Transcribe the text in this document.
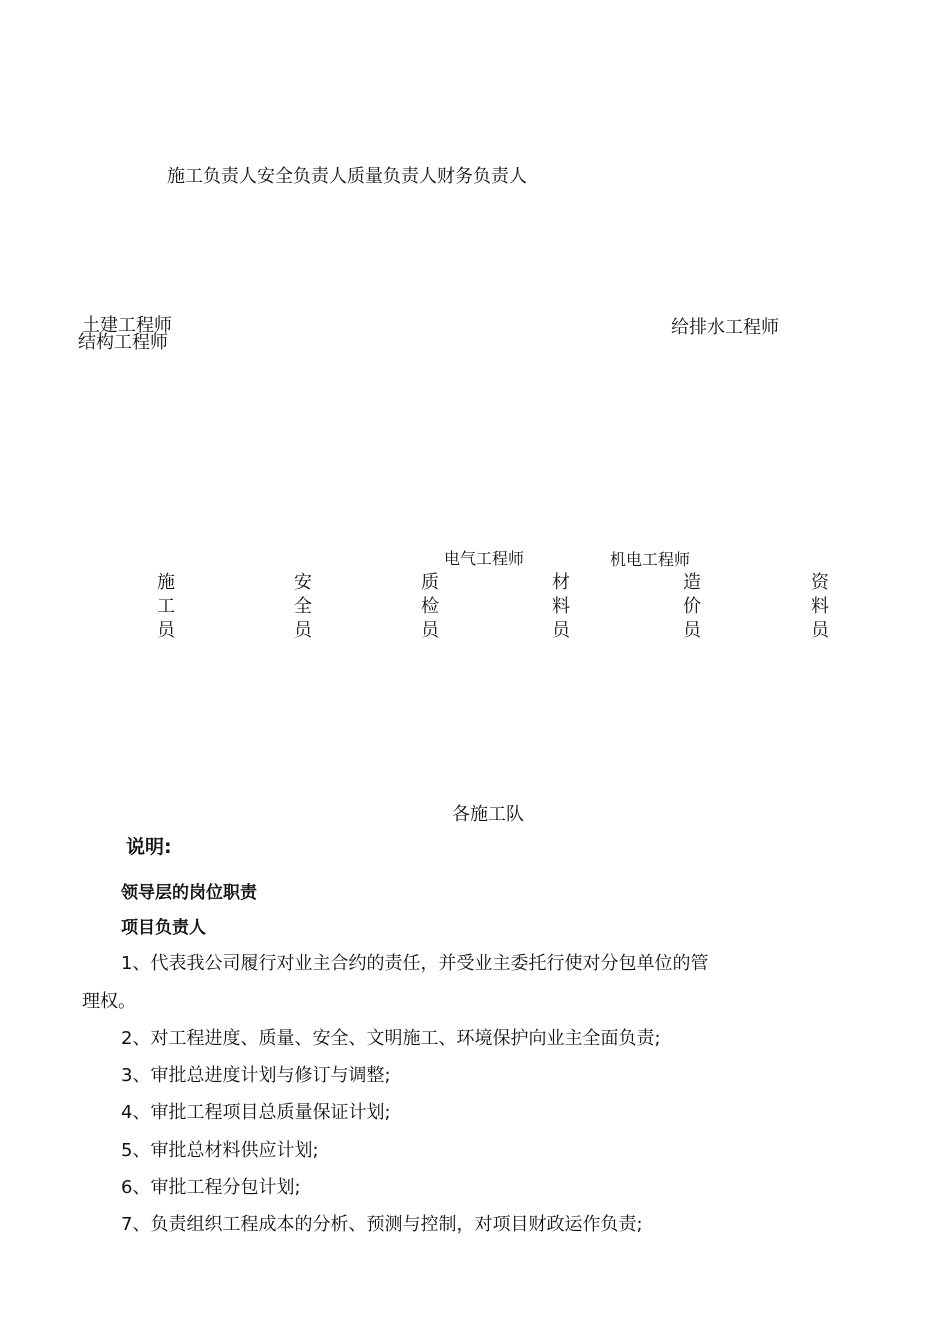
施工负责人安全负责人质量负责人财务负责人
土建工程师
结构工程师
给排水工程师
电气工程师	机电工程师
施
工
员
安
全
员
质
检
员
材
料
员
造
价
员
资
料
员
各施工队
说明:
领导层的岗位职责
项目负责人
1、代表我公司履行对业主合约的责任，并受业主委托行使对分包单位的管
理权。
2、对工程进度、质量、安全、文明施工、环境保护向业主全面负责;
3、审批总进度计划与修订与调整;
4、审批工程项目总质量保证计划;
5、审批总材料供应计划;
6、审批工程分包计划;
7、负责组织工程成本的分析、预测与控制，对项目财政运作负责;
